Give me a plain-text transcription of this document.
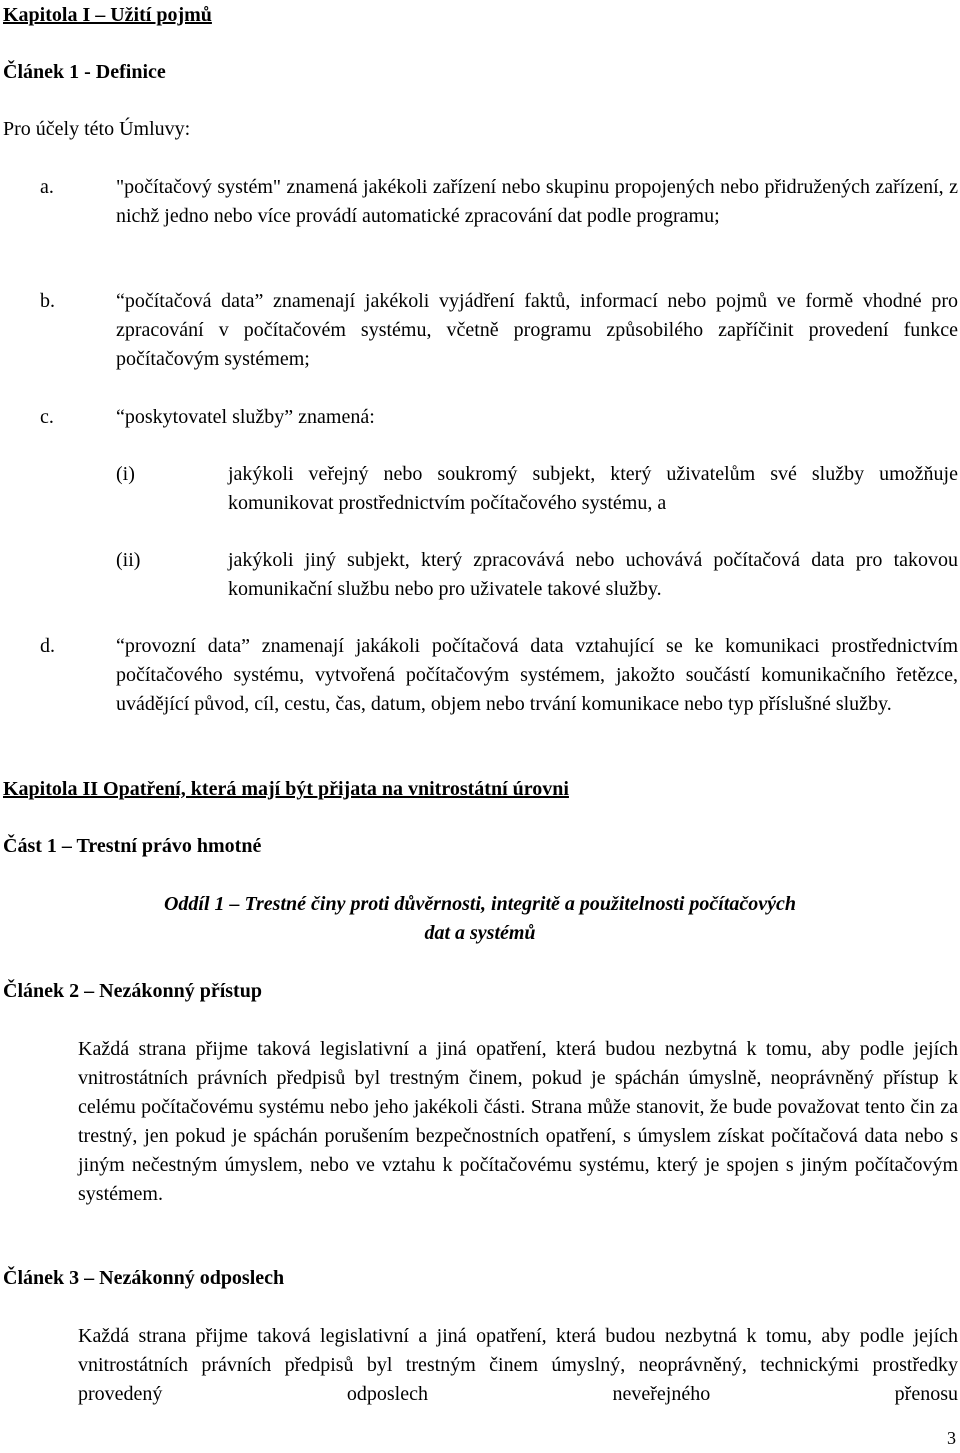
Kapitola I – Užití pojmů
Článek 1 - Definice
Pro účely této Úmluvy:
a.	"počítačový systém" znamená jakékoli zařízení nebo skupinu propojených nebo přidružených zařízení, z nichž jedno nebo více provádí automatické zpracování dat podle programu;
b.	“počítačová data” znamenají jakékoli vyjádření faktů, informací nebo pojmů ve formě vhodné pro zpracování v počítačovém systému, včetně programu způsobilého zapříčinit provedení funkce počítačovým systémem;
c.	“poskytovatel služby” znamená:
(i)	jakýkoli veřejný nebo soukromý subjekt, který uživatelům své služby umožňuje komunikovat prostřednictvím počítačového systému, a
(ii)	jakýkoli jiný subjekt, který zpracovává nebo uchovává počítačová data pro takovou komunikační službu nebo pro uživatele takové služby.
d.	“provozní data” znamenají jakákoli počítačová data vztahující se ke komunikaci prostřednictvím počítačového systému, vytvořená počítačovým systémem, jakožto součástí komunikačního řetězce, uvádějící původ, cíl, cestu, čas, datum, objem nebo trvání komunikace nebo typ příslušné služby.
Kapitola II Opatření, která mají být přijata na vnitrostátní úrovni
Část 1 – Trestní právo hmotné
Oddíl 1 – Trestné činy proti důvěrnosti, integritě a použitelnosti počítačových dat a systémů
Článek 2 – Nezákonný přístup
Každá strana přijme taková legislativní a jiná opatření, která budou nezbytná k tomu, aby podle jejích vnitrostátních právních předpisů byl trestným činem, pokud je spáchán úmyslně, neoprávněný přístup k celému počítačovému systému nebo jeho jakékoli části. Strana může stanovit, že bude považovat tento čin za trestný, jen pokud je spáchán porušením bezpečnostních opatření, s úmyslem získat počítačová data nebo s jiným nečestným úmyslem, nebo ve vztahu k počítačovému systému, který je spojen s jiným počítačovým systémem.
Článek 3 – Nezákonný odposlech
Každá strana přijme taková legislativní a jiná opatření, která budou nezbytná k tomu, aby podle jejích vnitrostátních právních předpisů byl trestným činem úmyslný, neoprávněný, technickými prostředky provedený odposlech neveřejného přenosu
3
